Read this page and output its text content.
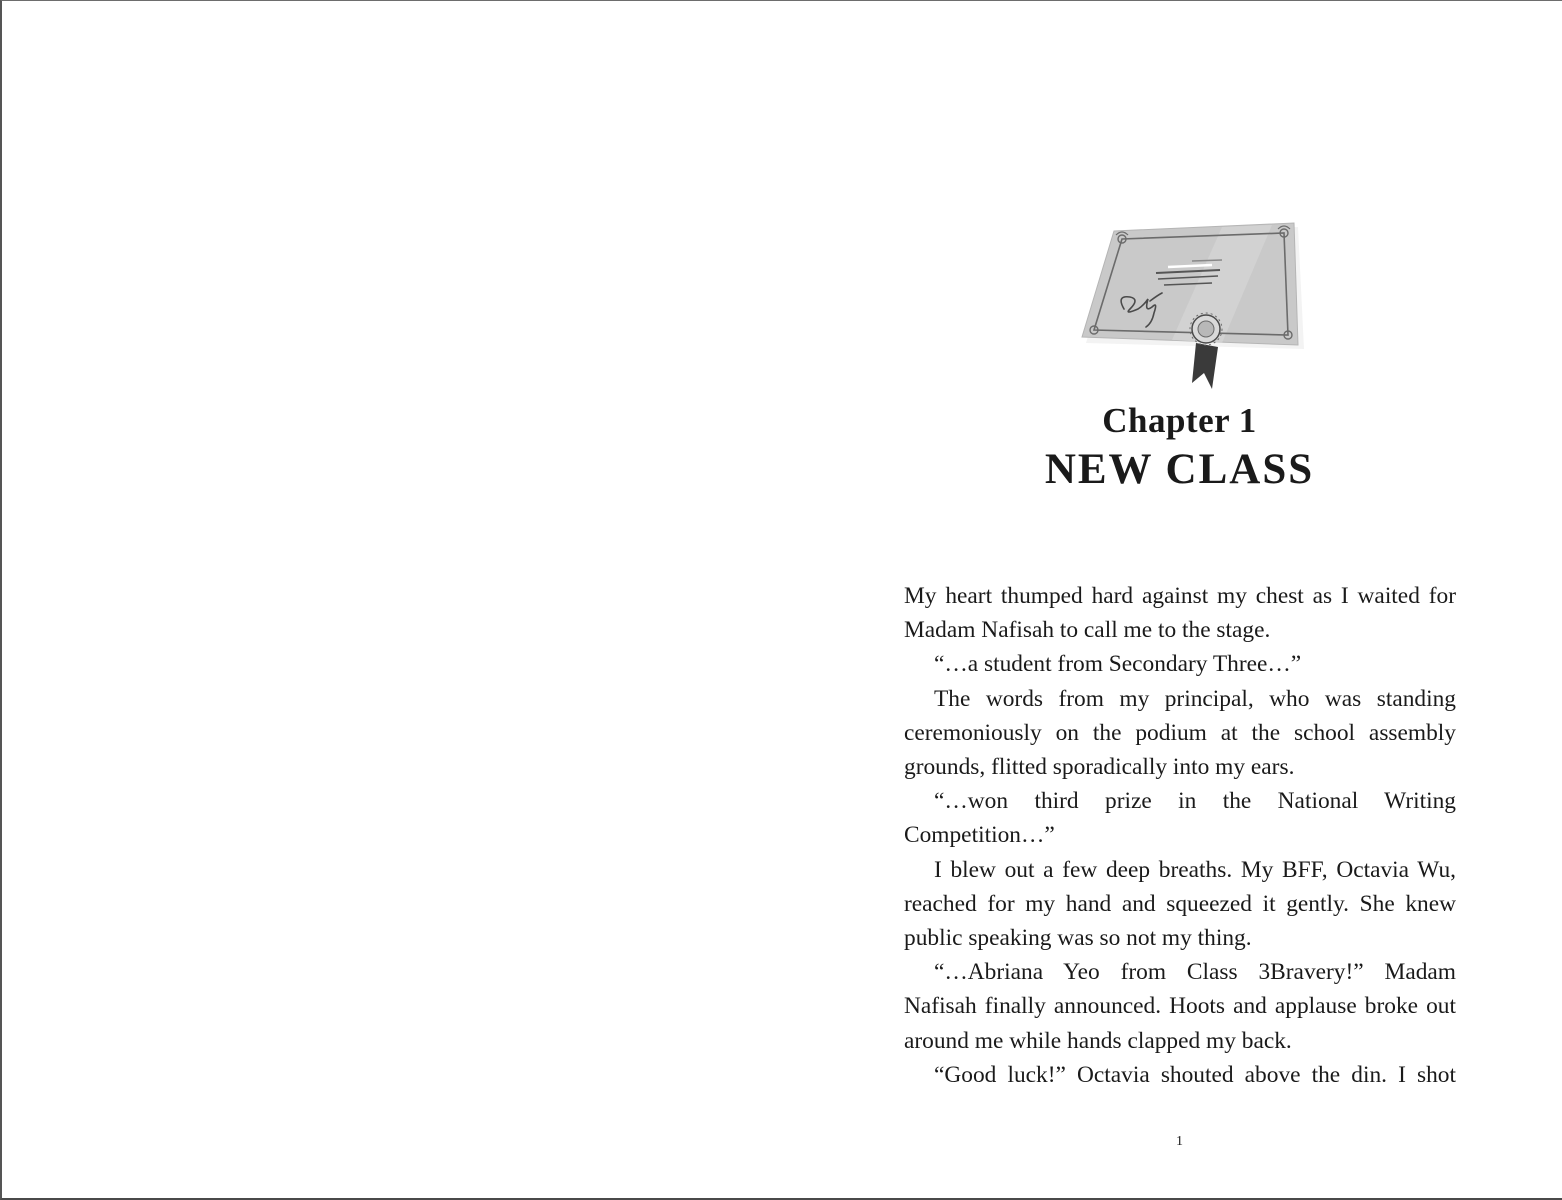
Chapter 1
NEW CLASS

My heart thumped hard against my chest as I waited for Madam Nafisah to call me to the stage.

“…a student from Secondary Three…”

The words from my principal, who was standing ceremoniously on the podium at the school assembly grounds, flitted sporadically into my ears.

“…won third prize in the National Writing Competition…”

I blew out a few deep breaths. My BFF, Octavia Wu, reached for my hand and squeezed it gently. She knew public speaking was so not my thing.

“…Abriana Yeo from Class 3Bravery!” Madam Nafisah finally announced. Hoots and applause broke out around me while hands clapped my back.

“Good luck!” Octavia shouted above the din. I shot

1
